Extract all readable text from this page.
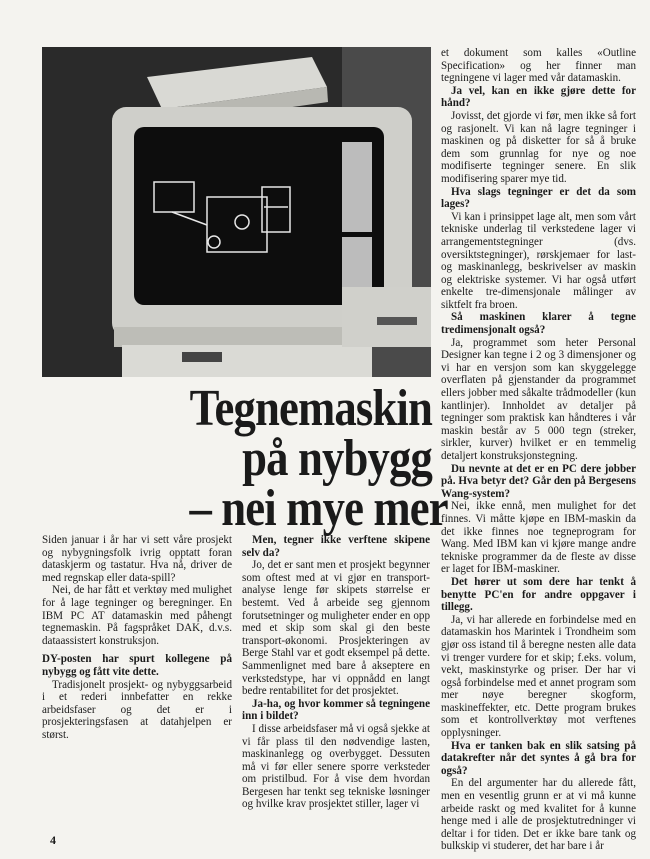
Tegnemaskin
på nybygg
– nei mye mer

Siden januar i år har vi sett våre prosjekt og nybygningsfolk ivrig opptatt foran dataskjerm og tastatur. Hva nå, driver de med regnskap eller data-spill?

Nei, de har fått et verktøy med mulighet for å lage tegninger og beregninger. En IBM PC AT datamaskin med påhengt tegnemaskin. På fagspråket DAK, d.v.s. dataassistert konstruksjon.

DY-posten har spurt kollegene på nybygg og fått vite dette.

Tradisjonelt prosjekt- og nybyggsarbeid i et rederi innbefatter en rekke arbeidsfaser og det er i prosjekteringsfasen at datahjelpen er størst.

Men, tegner ikke verftene skipene selv da?

Jo, det er sant men et prosjekt begynner som oftest med at vi gjør en transport-analyse lenge før skipets størrelse er bestemt. Ved å arbeide seg gjennom forutsetninger og muligheter ender en opp med et skip som skal gi den beste transport-økonomi. Prosjekteringen av Berge Stahl var et godt eksempel på dette. Sammenlignet med bare å akseptere en verkstedstype, har vi oppnådd en langt bedre rentabilitet for det prosjektet.

Ja-ha, og hvor kommer så tegningene inn i bildet?

I disse arbeidsfaser må vi også sjekke at vi får plass til den nødvendige lasten, maskinanlegg og overbygget. Dessuten må vi før eller senere sporre verksteder om pristilbud. For å vise dem hvordan Bergesen har tenkt seg tekniske løsninger og hvilke krav prosjektet stiller, lager vi

et dokument som kalles «Outline Specification» og her finner man tegningene vi lager med vår datamaskin.

Ja vel, kan en ikke gjøre dette for hånd?

Jovisst, det gjorde vi før, men ikke så fort og rasjonelt. Vi kan nå lagre tegninger i maskinen og på disketter for så å bruke dem som grunnlag for nye og noe modifiserte tegninger senere. En slik modifisering sparer mye tid.

Hva slags tegninger er det da som lages?

Vi kan i prinsippet lage alt, men som vårt tekniske underlag til verkstedene lager vi arrangementstegninger (dvs. oversiktstegninger), rørskjemaer for last- og maskinanlegg, beskrivelser av maskin og elektriske systemer. Vi har også utført enkelte tre-dimensjonale målinger av siktfelt fra broen.

Så maskinen klarer å tegne tredimensjonalt også?

Ja, programmet som heter Personal Designer kan tegne i 2 og 3 dimensjoner og vi har en versjon som kan skyggelegge overflaten på gjenstander da programmet ellers jobber med såkalte trådmodeller (kun kantlinjer). Innholdet av detaljer på tegninger som praktisk kan håndteres i vår maskin består av 5 000 tegn (streker, sirkler, kurver) hvilket er en temmelig detaljert konstruksjonstegning.

Du nevnte at det er en PC dere jobber på. Hva betyr det? Går den på Bergesens Wang-system?

Nei, ikke ennå, men mulighet for det finnes. Vi måtte kjøpe en IBM-maskin da det ikke finnes noe tegneprogram for Wang. Med IBM kan vi kjøre mange andre tekniske programmer da de fleste av disse er laget for IBM-maskiner.

Det hører ut som dere har tenkt å benytte PC'en for andre oppgaver i tillegg.

Ja, vi har allerede en forbindelse med en datamaskin hos Marintek i Trondheim som gjør oss istand til å beregne nesten alle data vi trenger vurdere for et skip; f.eks. volum, vekt, maskinstyrke og priser. Der har vi også forbindelse med et annet program som mer nøye beregner skogform, maskineffekter, etc. Dette program brukes som et kontrollverktøy mot verftenes opplysninger.

Hva er tanken bak en slik satsing på datakrefter når det syntes å gå bra for også?

En del argumenter har du allerede fått, men en vesentlig grunn er at vi må kunne arbeide raskt og med kvalitet for å kunne henge med i alle de prosjektutredninger vi deltar i for tiden. Det er ikke bare tank og bulkskip vi studerer, det har bare i år

4
